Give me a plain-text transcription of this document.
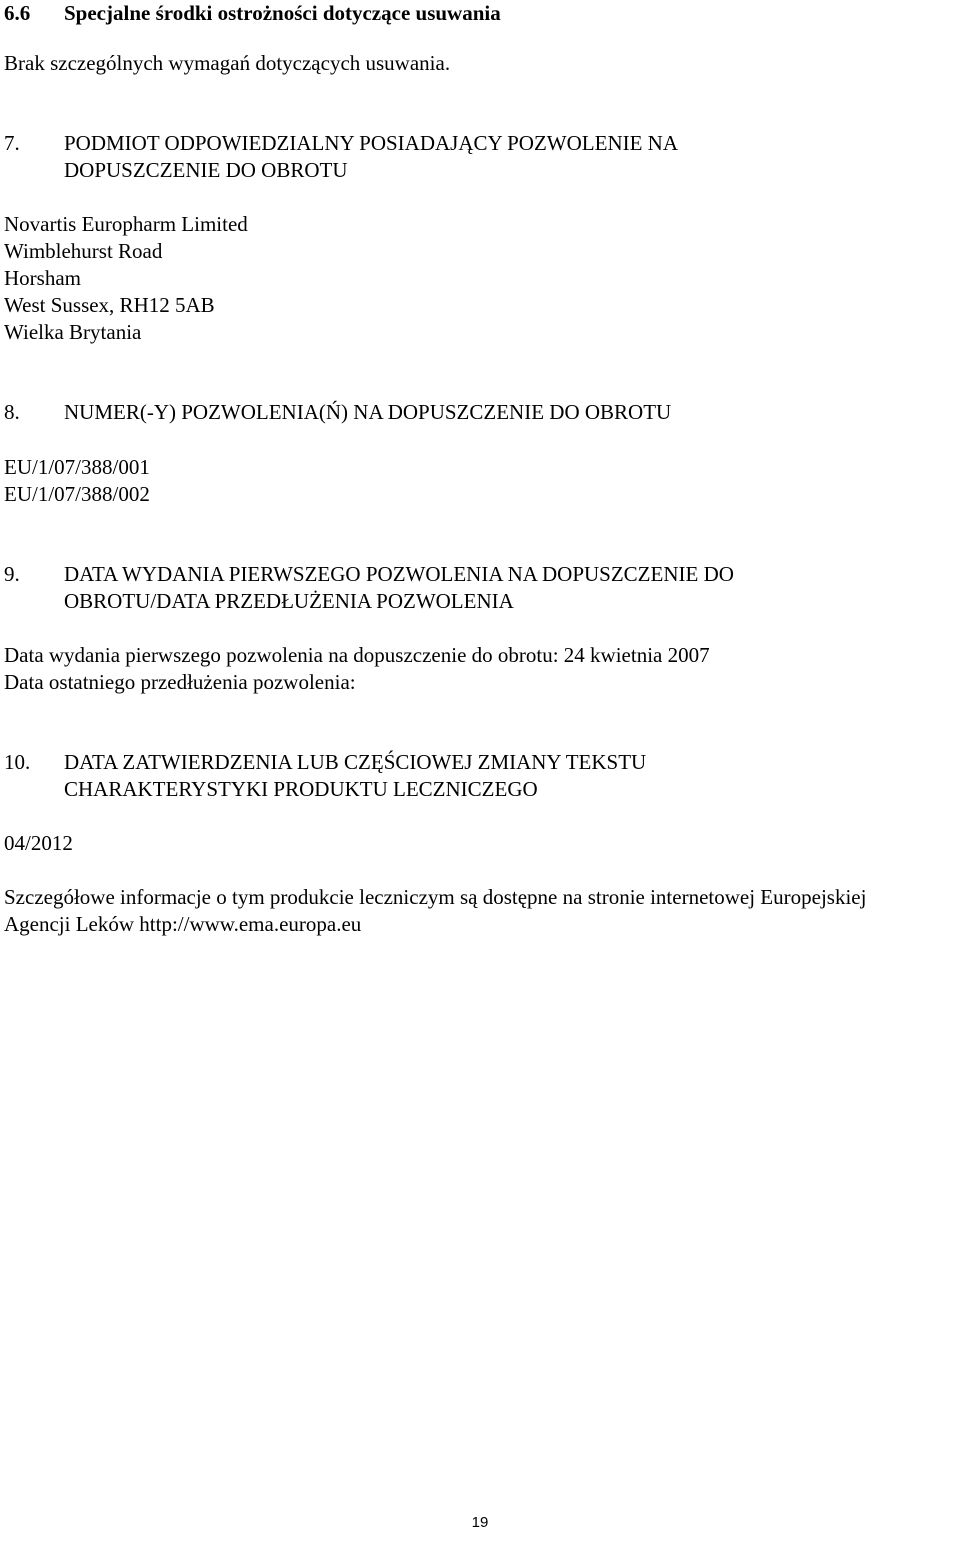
6.6 Specjalne środki ostrożności dotyczące usuwania
Brak szczególnych wymagań dotyczących usuwania.
7. PODMIOT ODPOWIEDZIALNY POSIADAJĄCY POZWOLENIE NA
DOPUSZCZENIE DO OBROTU
Novartis Europharm Limited
Wimblehurst Road
Horsham
West Sussex, RH12 5AB
Wielka Brytania
8. NUMER(-Y) POZWOLENIA(Ń) NA DOPUSZCZENIE DO OBROTU
EU/1/07/388/001
EU/1/07/388/002
9. DATA WYDANIA PIERWSZEGO POZWOLENIA NA DOPUSZCZENIE DO
OBROTU/DATA PRZEDŁUŻENIA POZWOLENIA
Data wydania pierwszego pozwolenia na dopuszczenie do obrotu: 24 kwietnia 2007
Data ostatniego przedłużenia pozwolenia:
10. DATA ZATWIERDZENIA LUB CZĘŚCIOWEJ ZMIANY TEKSTU
CHARAKTERYSTYKI PRODUKTU LECZNICZEGO
04/2012
Szczegółowe informacje o tym produkcie leczniczym są dostępne na stronie internetowej Europejskiej
Agencji Leków http://www.ema.europa.eu
19
